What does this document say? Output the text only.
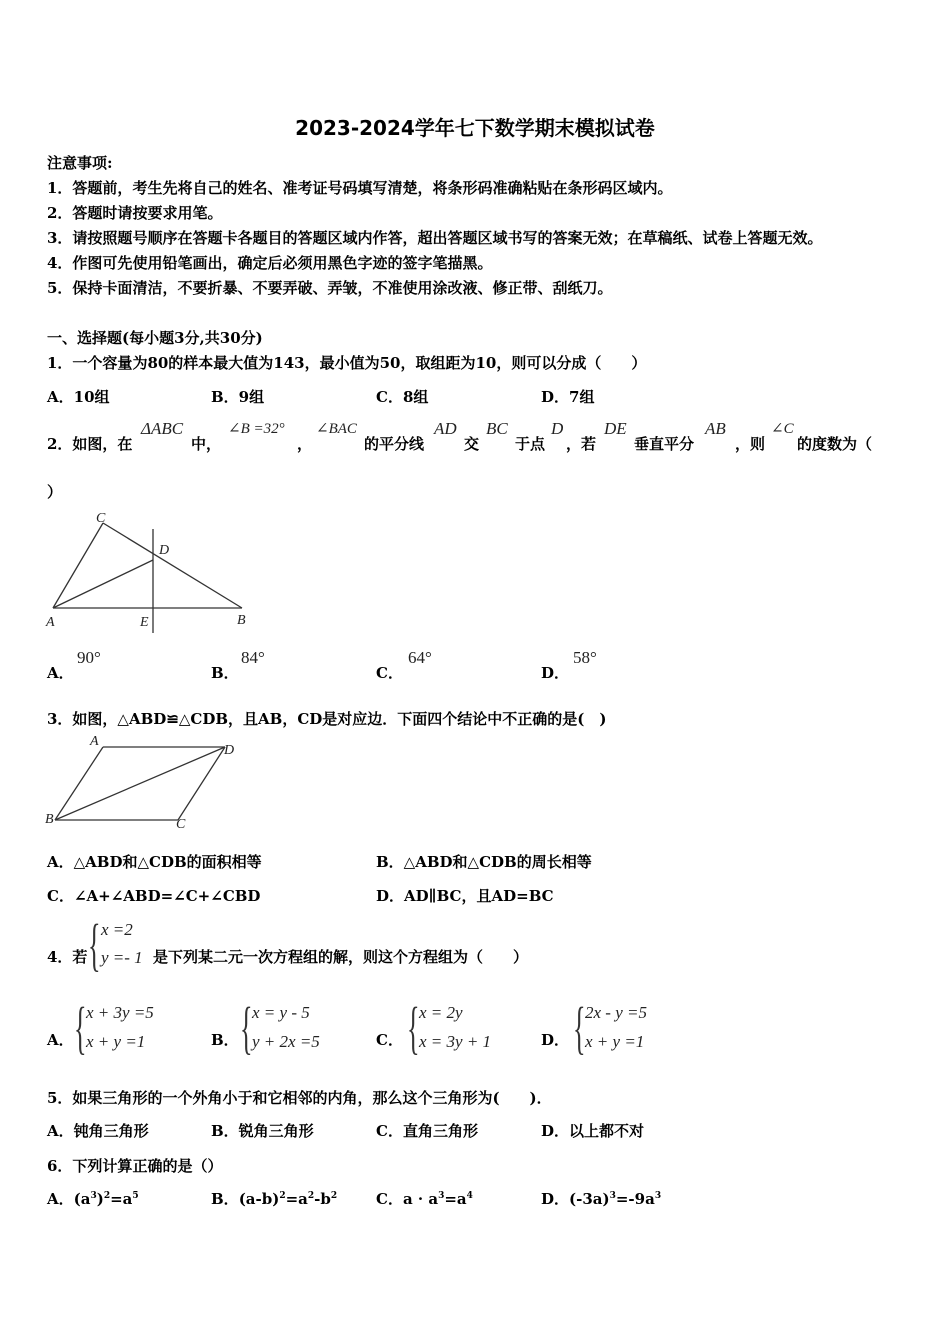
2023-2024学年七下数学期末模拟试卷
注意事项:
1．答题前，考生先将自己的姓名、准考证号码填写清楚，将条形码准确粘贴在条形码区域内。
2．答题时请按要求用笔。
3．请按照题号顺序在答题卡各题目的答题区域内作答，超出答题区域书写的答案无效；在草稿纸、试卷上答题无效。
4．作图可先使用铅笔画出，确定后必须用黑色字迹的签字笔描黑。
5．保持卡面清洁，不要折暴、不要弄破、弄皱，不准使用涂改液、修正带、刮纸刀。
一、选择题(每小题3分,共30分)
1．一个容量为80的样本最大值为143，最小值为50，取组距为10，则可以分成（　　）
A．10组	B．9组	C．8组	D．7组
2．如图，在
ΔABC
中，
∠B =32°
，
∠BAC
的平分线
AD
交
BC
于点
D
，若
DE
垂直平分
AB
，则
∠C
的度数为（
）
C
D
A	E	B
A．
90°
B．
84°
C．
64°
D．
58°
3．如图，△ABD≌△CDB，且AB，CD是对应边．下面四个结论中不正确的是(　)
A
D
B	C
A．△ABD和△CDB的面积相等	B．△ABD和△CDB的周长相等
C．∠A+∠ABD=∠C+∠CBD	D．AD∥BC，且AD=BC
4．若 { x =2
y =- 1 是下列某二元一次方程组的解，则这个方程组为（　　）
A． { x + 3y =5
x + y =1	B． { x = y - 5
y + 2x =5	C． { x = 2y
x = 3y + 1	D． { 2x - y =5
x + y =1
5．如果三角形的一个外角小于和它相邻的内角，那么这个三角形为(　　)．
A．钝角三角形	B．锐角三角形	C．直角三角形	D．以上都不对
6．下列计算正确的是（）
A．$(a^3)^2=a^5$	B．$(a-b)^2=a^2-b^2$	C．$a \cdot a^3=a^4$	D．$(-3a)^3=-9a^3$
